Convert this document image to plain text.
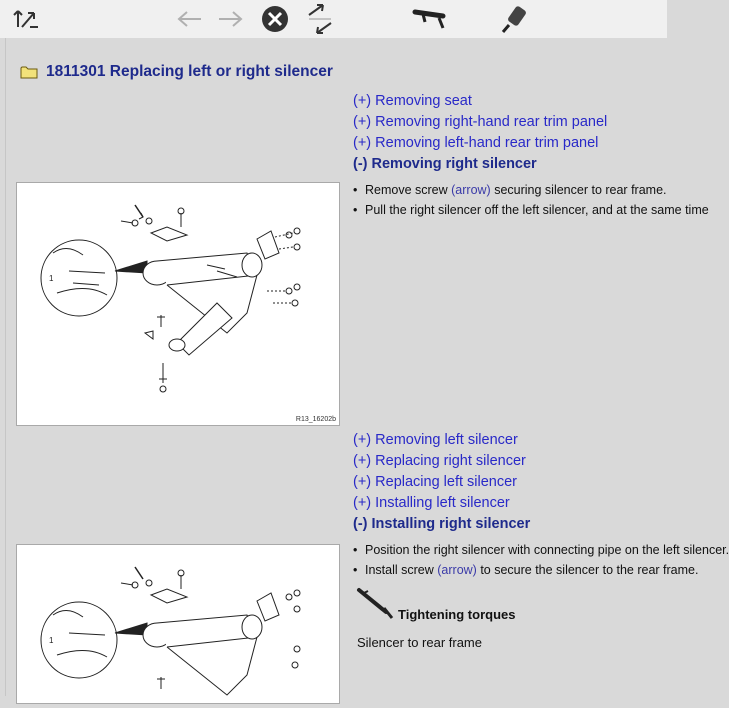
1811301 Replacing left or right silencer
(+) Removing seat
(+) Removing right-hand rear trim panel
(+) Removing left-hand rear trim panel
(-) Removing right silencer
1
R13_16202b
• Remove screw (arrow) securing silencer to rear frame.
• Pull the right silencer off the left silencer, and at the same time
(+) Removing left silencer
(+) Replacing right silencer
(+) Replacing left silencer
(+) Installing left silencer
(-) Installing right silencer
1
• Position the right silencer with connecting pipe on the left silencer.
• Install screw (arrow) to secure the silencer to the rear frame.
Tightening torques
Silencer to rear frame
